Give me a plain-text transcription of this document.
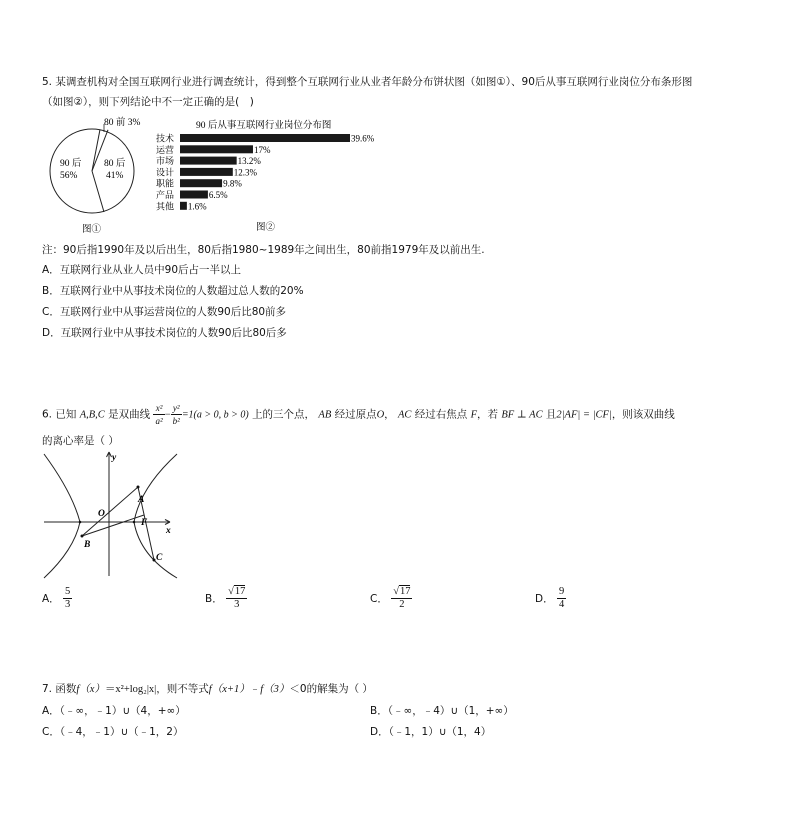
5. 某调查机构对全国互联网行业进行调查统计，得到整个互联网行业从业者年龄分布饼状图（如图①）、90后从事互联网行业岗位分布条形图
（如图②），则下列结论中不一定正确的是(　)
80 前 3%
80 后
41%
90 后
56%
图①
90 后从事互联网行业岗位分布图
技术	39.6%
运营	17%
市场	13.2%
设计	12.3%
职能	9.8%
产品	6.5%
其他 1.6%
图②
注：90后指1990年及以后出生，80后指1980~1989年之间出生，80前指1979年及以前出生.
A．互联网行业从业人员中90后占一半以上
B．互联网行业中从事技术岗位的人数超过总人数的20%
C．互联网行业中从事运营岗位的人数90后比80前多
D．互联网行业中从事技术岗位的人数90后比80后多
6. 已知 A,B,C 是双曲线 $\frac{\text{x²}}{\text{a²}} - \frac{\text{y²}}{\text{b²}} =1(a > 0$, b > 0) 上的三个点， AB 经过原点O， AC 经过右焦点 F，若 BF ⊥ AC 且2|AF| = |CF|，则该双曲线
的离心率是（ ）
y
x
O
A
B
C
F
A． $\frac{5}{3}$	B． $\frac{√17}{3}$	C． $\frac{√17}{2}$	D． $\frac{9}{4}$
7. 函数f（x）＝x²+log₂|x|，则不等式f（x+1）﹣f（3）＜0的解集为（ ）
A．（﹣∞，﹣1）∪（4，+∞）	B．（﹣∞，﹣4）∪（1，+∞）
C．（﹣4，﹣1）∪（﹣1，2）	D．（﹣1，1）∪（1，4）
